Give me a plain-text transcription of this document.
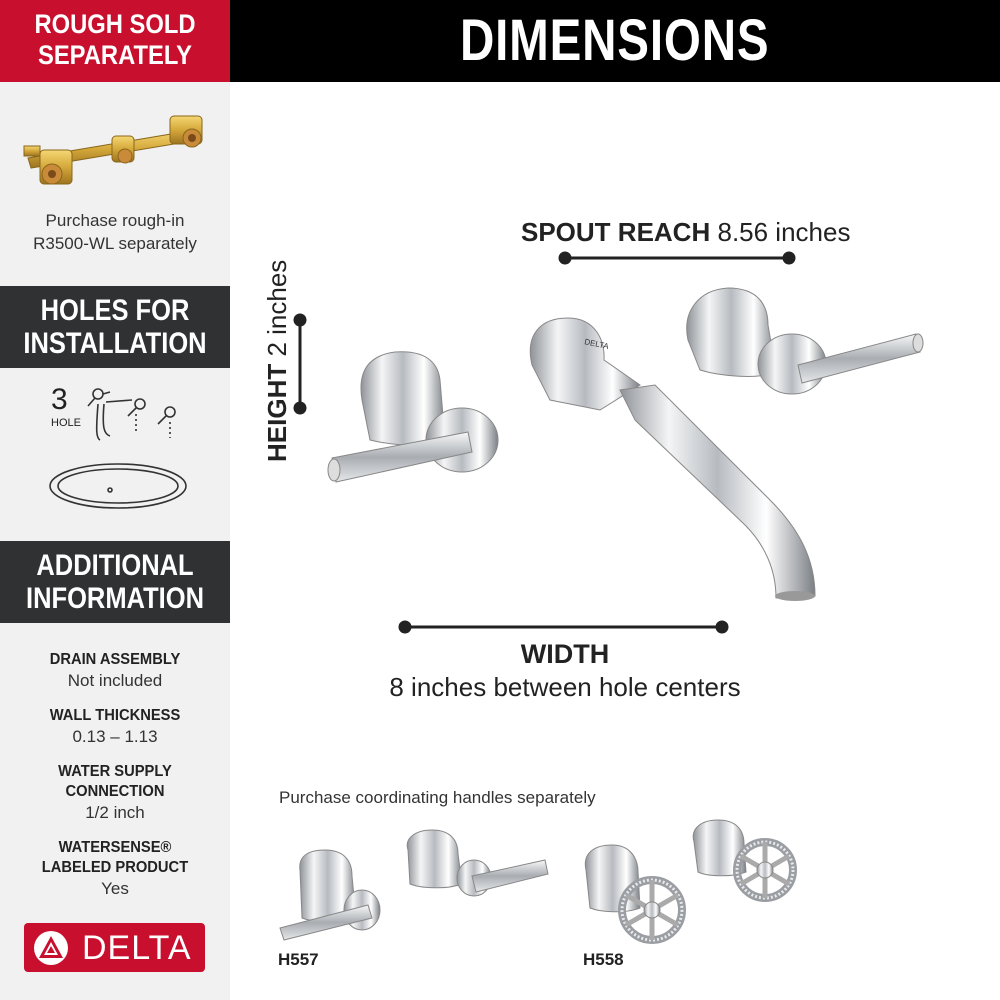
ROUGH SOLD
SEPARATELY
Purchase rough-in
R3500-WL separately
HOLES FOR
INSTALLATION
3
HOLE
ADDITIONAL
INFORMATION
DRAIN ASSEMBLY
Not included
WALL THICKNESS
0.13 – 1.13
WATER SUPPLY
CONNECTION
1/2 inch
WATERSENSE®
LABELED PRODUCT
Yes
DELTA
DIMENSIONS
SPOUT REACH 8.56 inches
HEIGHT 2 inches	DELTA
WIDTH
8 inches between hole centers
Purchase coordinating handles separately
H557	H558
